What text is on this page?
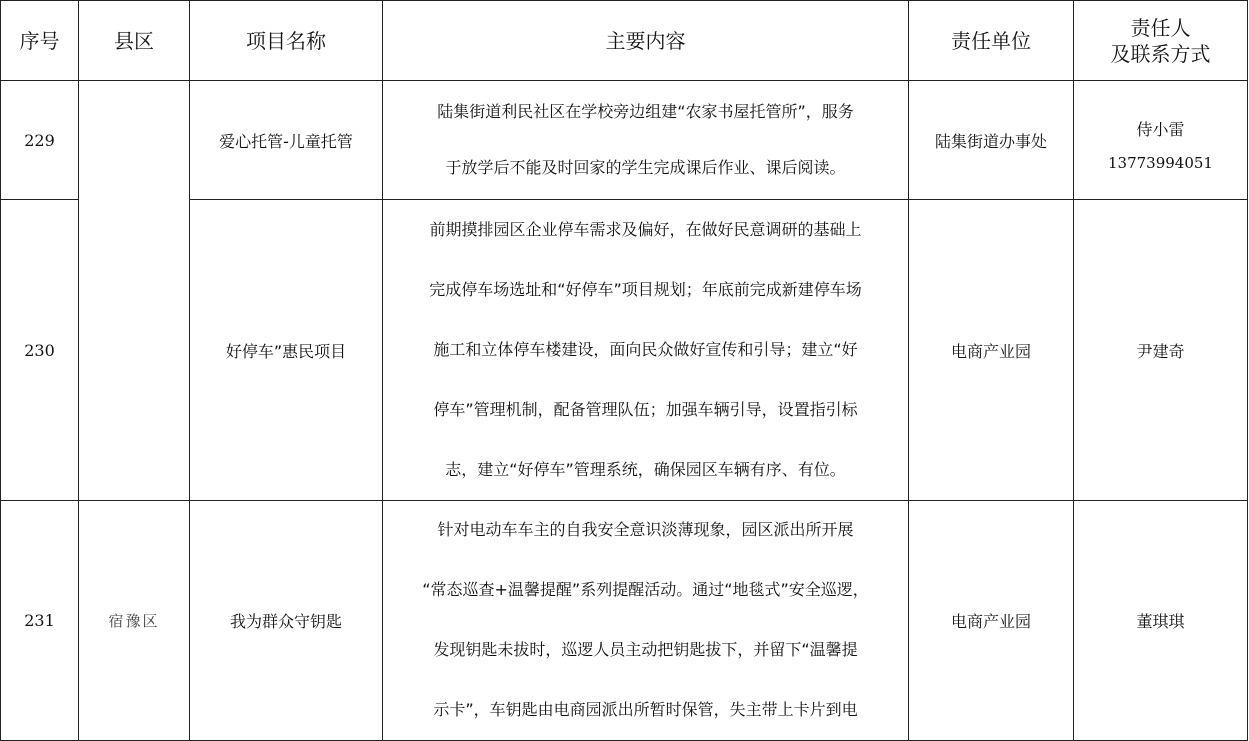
序号	县区	项目名称	主要内容	责任单位	责任人
及联系方式
229		爱心托管-儿童托管	陆集街道利民社区在学校旁边组建“农家书屋托管所”，服务
于放学后不能及时回家的学生完成课后作业、课后阅读。	陆集街道办事处	侍小雷
13773994051

230		好停车”惠民项目	前期摸排园区企业停车需求及偏好，在做好民意调研的基础上
完成停车场选址和“好停车”项目规划；年底前完成新建停车场
施工和立体停车楼建设，面向民众做好宣传和引导；建立“好
停车”管理机制，配备管理队伍；加强车辆引导，设置指引标
志，建立“好停车”管理系统，确保园区车辆有序、有位。	电商产业园	尹建奇
231	宿豫区	我为群众守钥匙	针对电动车车主的自我安全意识淡薄现象，园区派出所开展
“常态巡查+温馨提醒”系列提醒活动。通过“地毯式”安全巡逻，
发现钥匙未拔时，巡逻人员主动把钥匙拔下，并留下“温馨提
示卡”，车钥匙由电商园派出所暂时保管，失主带上卡片到电	电商产业园	董琪琪
